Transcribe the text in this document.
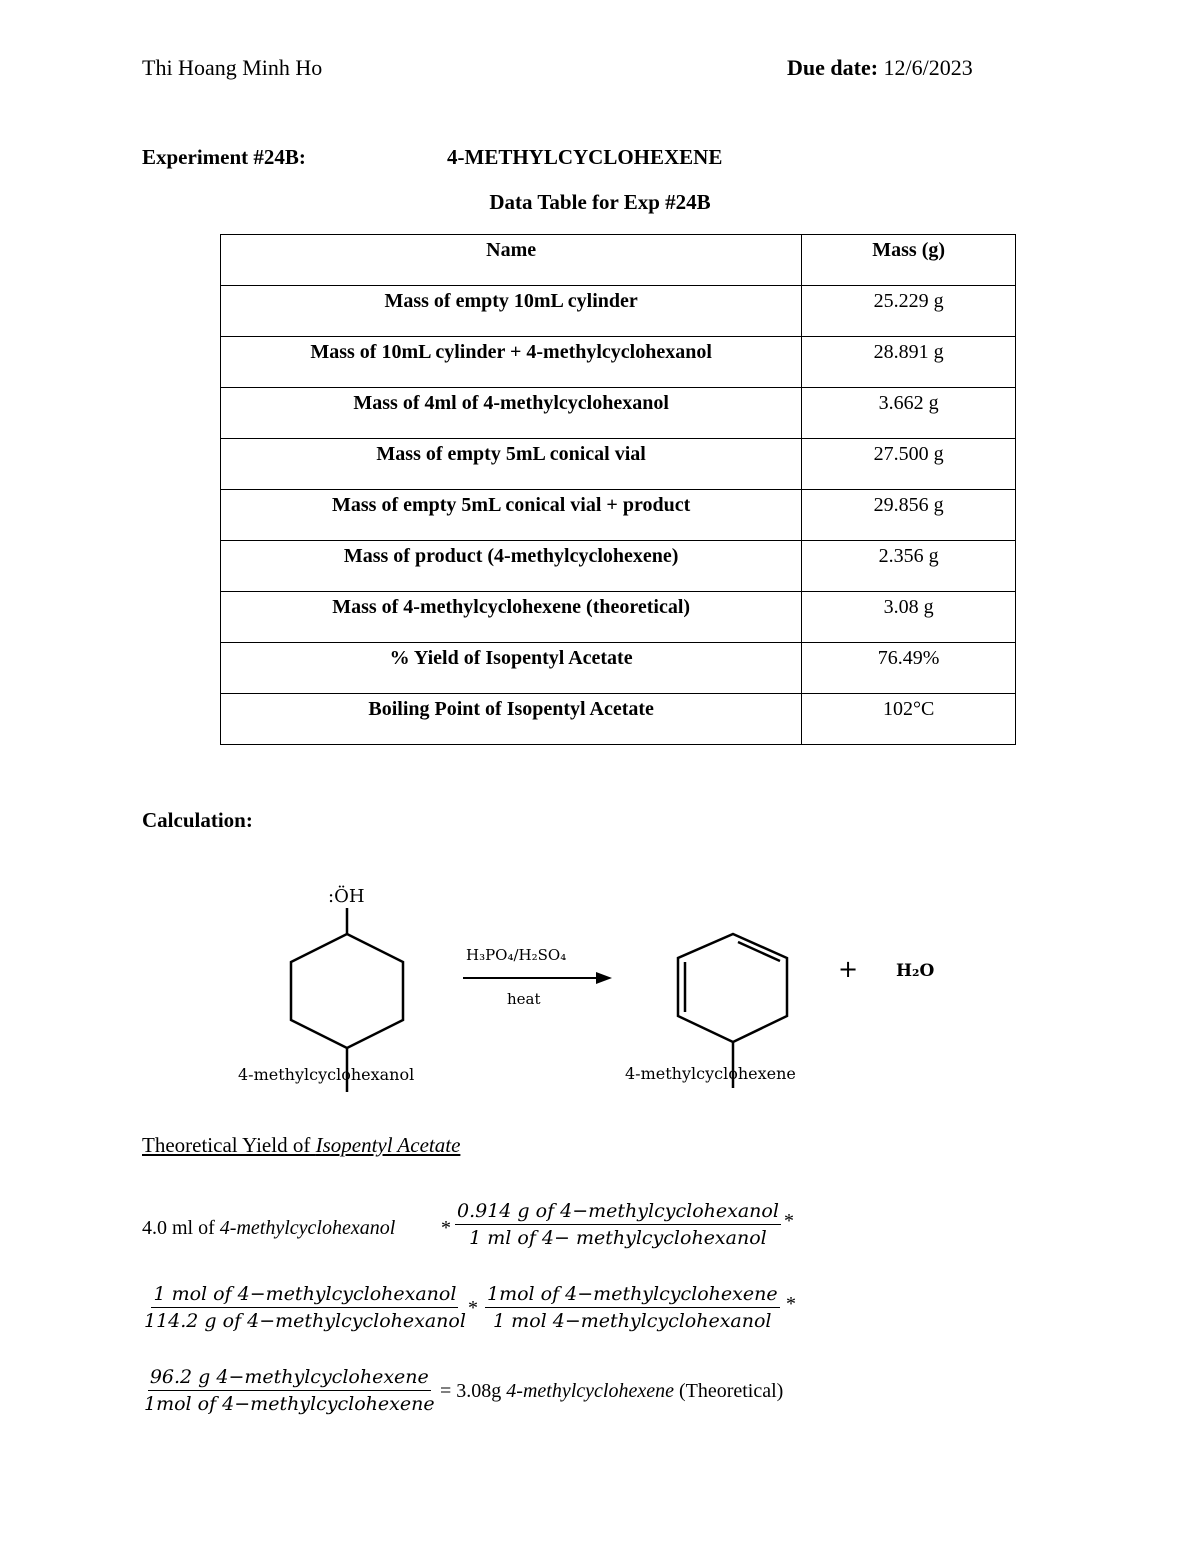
Thi Hoang Minh Ho	Due date: 12/6/2023
Experiment #24B:	4-METHYLCYCLOHEXENE
Data Table for Exp #24B
Name	Mass (g)
Mass of empty 10mL cylinder	25.229 g
Mass of 10mL cylinder + 4-methylcyclohexanol	28.891 g
Mass of 4ml of 4-methylcyclohexanol	3.662 g
Mass of empty 5mL conical vial	27.500 g
Mass of empty 5mL conical vial + product	29.856 g
Mass of product (4-methylcyclohexene)	2.356 g
Mass of 4-methylcyclohexene (theoretical)	3.08 g
% Yield of Isopentyl Acetate	76.49%
Boiling Point of Isopentyl Acetate	102°C
Calculation:
:ÖH
H₃PO₄/H₂SO₄
heat
+ H₂O
4-methylcyclohexanol	4-methylcyclohexene
Theoretical Yield of Isopentyl Acetate
4.0 ml of 4-methylcyclohexanol *
0.914 g of 4−methylcyclohexanol
1 ml of 4− methylcyclohexanol
*
1 mol of 4−methylcyclohexanol
114.2 g of 4−methylcyclohexanol
*
1mol of 4−methylcyclohexene
1 mol 4−methylcyclohexanol
*
96.2 g 4−methylcyclohexene
1mol of 4−methylcyclohexene
= 3.08g 4-methylcyclohexene (Theoretical)
